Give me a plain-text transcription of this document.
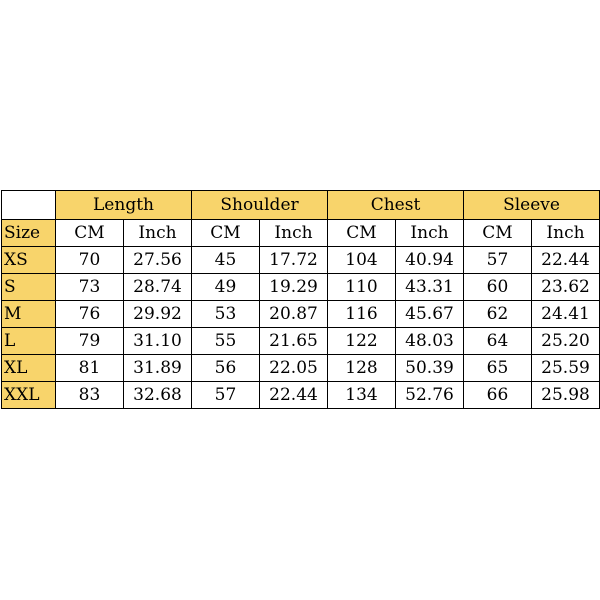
	Length		Shoulder		Chest		Sleeve	
Size	CM	Inch	CM	Inch	CM	Inch	CM	Inch
XS	70	27.56	45	17.72	104	40.94	57	22.44
S	73	28.74	49	19.29	110	43.31	60	23.62
M	76	29.92	53	20.87	116	45.67	62	24.41
L	79	31.10	55	21.65	122	48.03	64	25.20
XL	81	31.89	56	22.05	128	50.39	65	25.59
XXL	83	32.68	57	22.44	134	52.76	66	25.98
